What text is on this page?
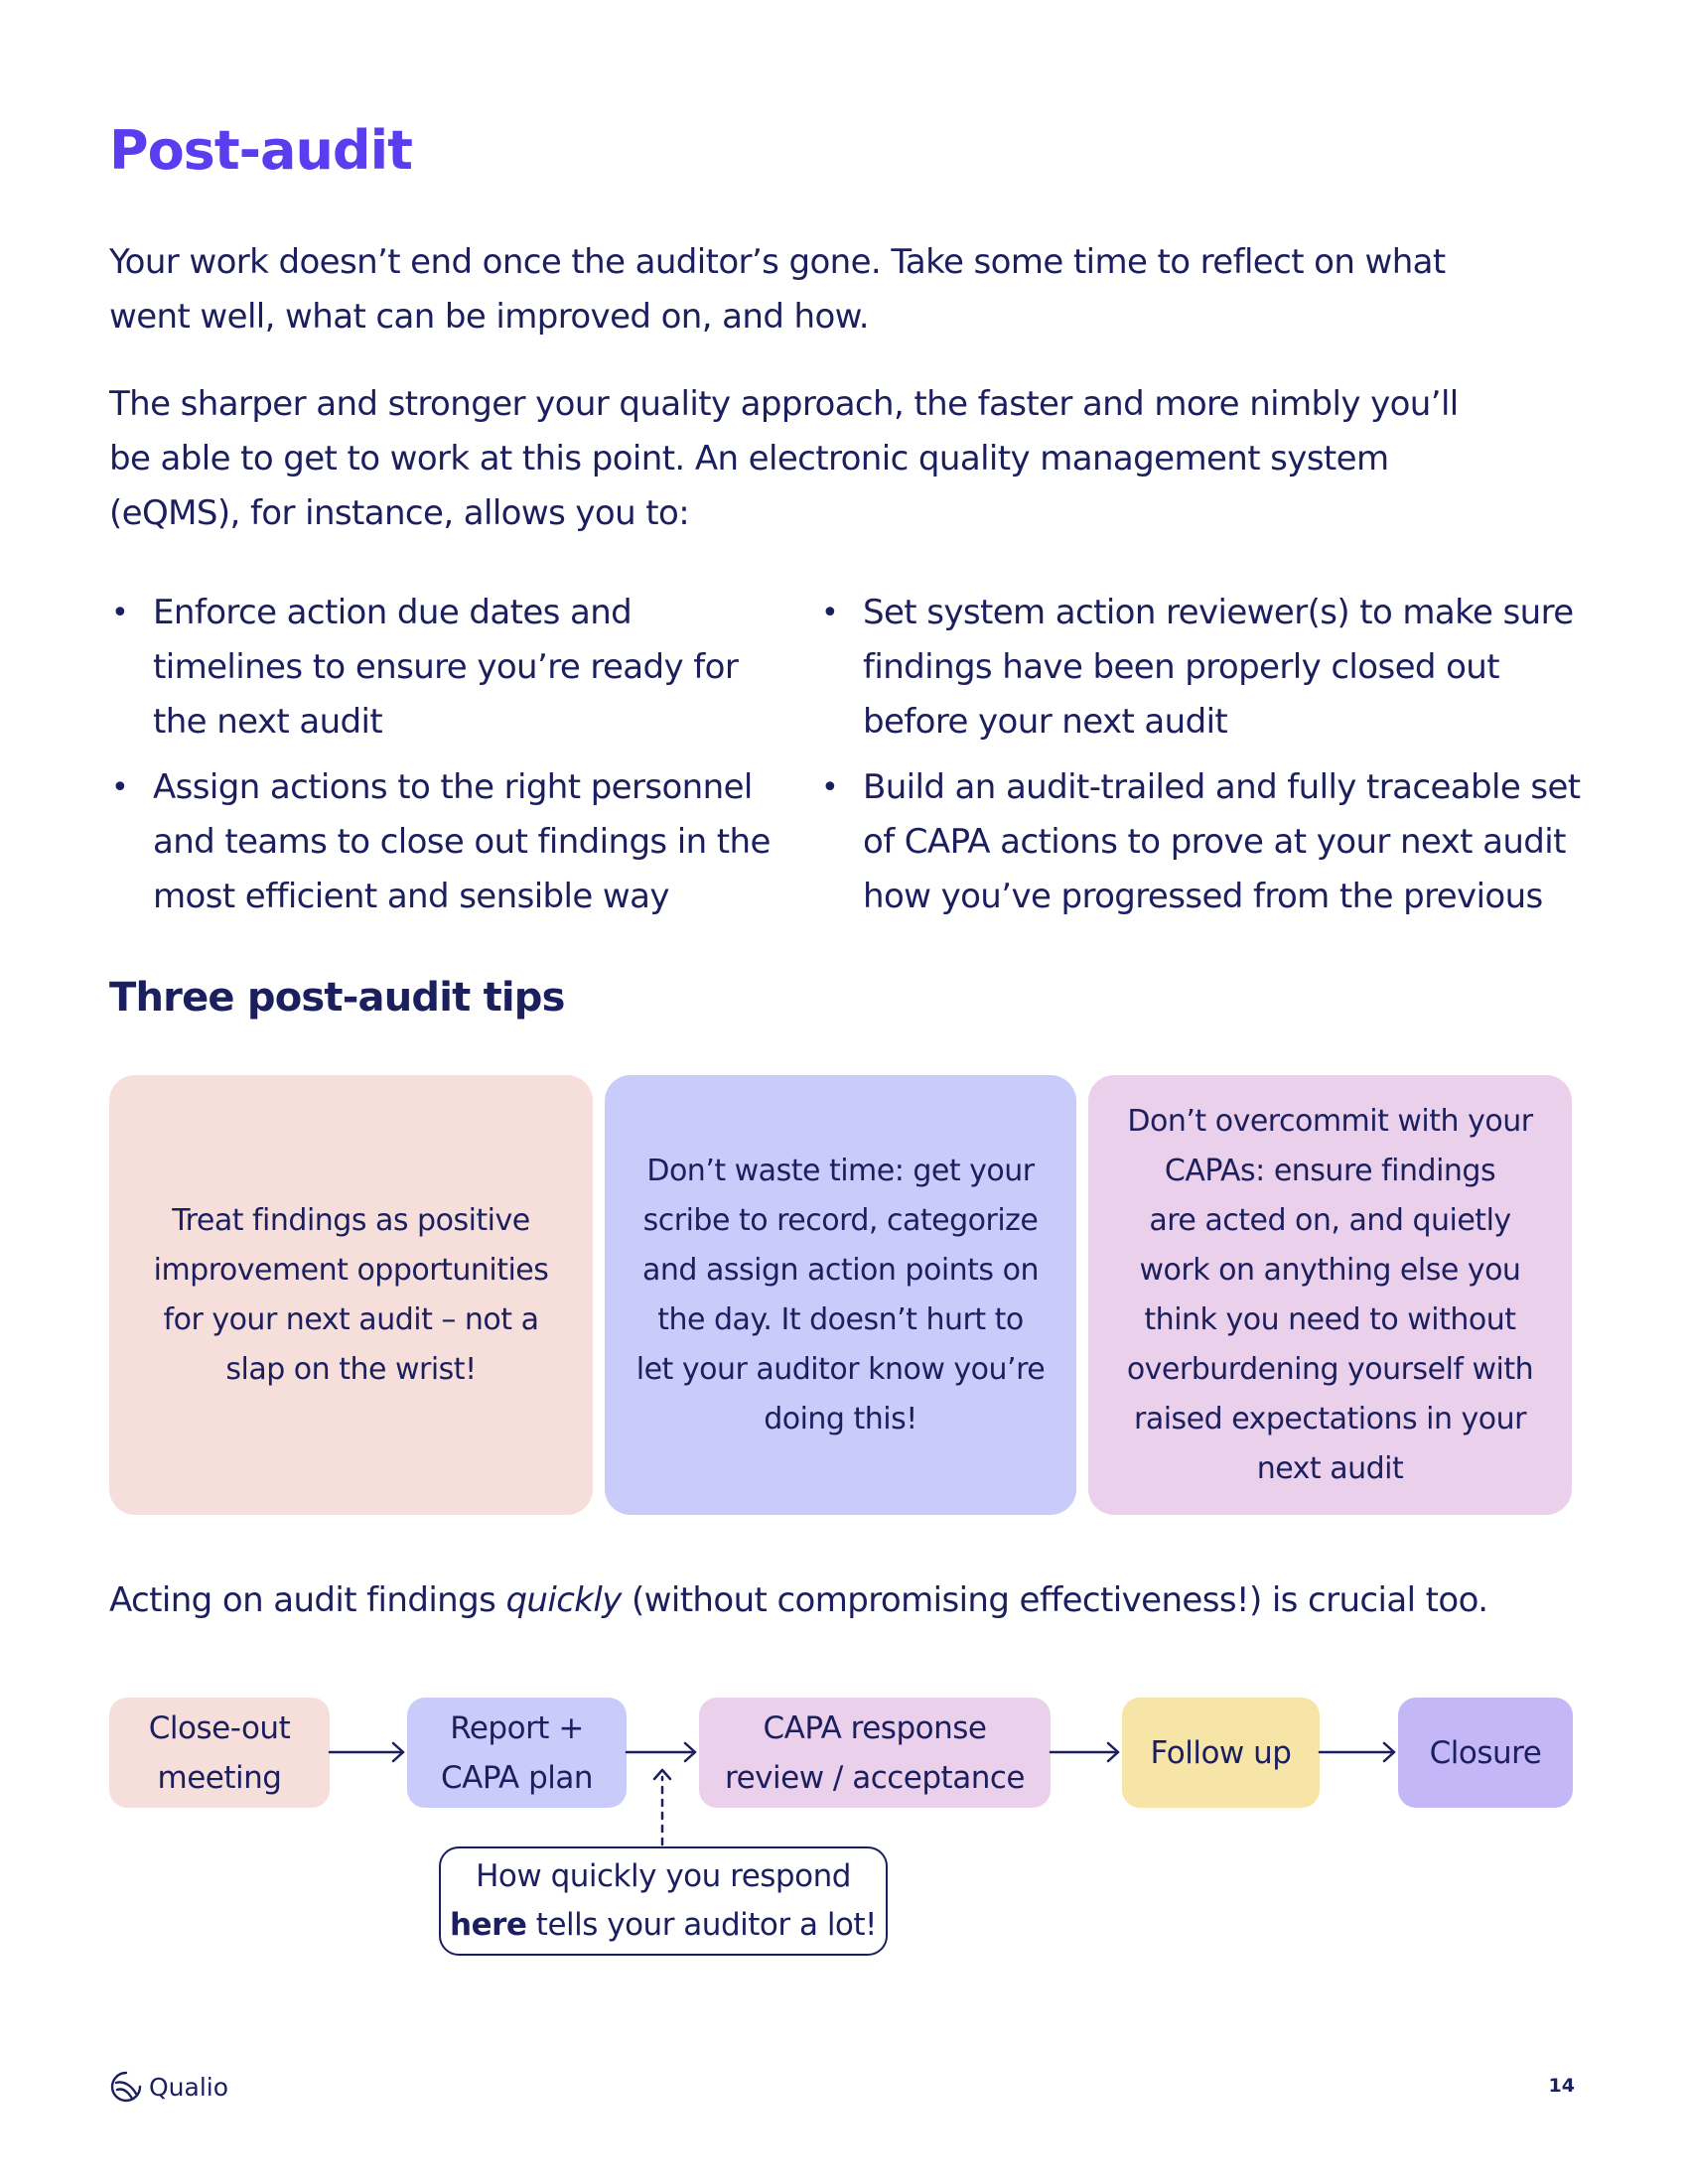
Post-audit

Your work doesn’t end once the auditor’s gone. Take some time to reflect on what
went well, what can be improved on, and how.

The sharper and stronger your quality approach, the faster and more nimbly you’ll
be able to get to work at this point. An electronic quality management system
(eQMS), for instance, allows you to:

• Enforce action due dates and
timelines to ensure you’re ready for
the next audit
• Assign actions to the right personnel
and teams to close out findings in the
most efficient and sensible way
• Set system action reviewer(s) to make sure
findings have been properly closed out
before your next audit
• Build an audit-trailed and fully traceable set
of CAPA actions to prove at your next audit
how you’ve progressed from the previous
Three post-audit tips
Treat findings as positive
improvement opportunities
for your next audit – not a
slap on the wrist!
Don’t waste time: get your
scribe to record, categorize
and assign action points on
the day. It doesn’t hurt to
let your auditor know you’re
doing this!
Don’t overcommit with your
CAPAs: ensure findings
are acted on, and quietly
work on anything else you
think you need to without
overburdening yourself with
raised expectations in your
next audit

Acting on audit findings quickly (without compromising effectiveness!) is crucial too.

Close-out
meeting
Report +
CAPA plan
CAPA response
review / acceptance
Follow up	Closure
How quickly you respond
here tells your auditor a lot!
Qualio	14
